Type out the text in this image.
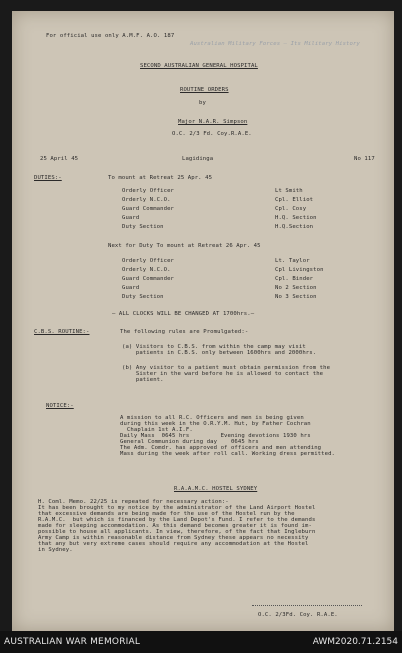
For official use only A.M.F. A.O. 187
Australian Military Forces — Its Military History
SECOND AUSTRALIAN GENERAL HOSPITAL
ROUTINE ORDERS
by
Major N.A.R. Simpson
O.C. 2/3 Fd. Coy.R.A.E.
25 April 45	Lagidinga	No 117
DUTIES:-	To mount at Retreat 25 Apr. 45
Orderly Officer	Lt Smith
Orderly N.C.O.	Cpl. Elliot
Guard Commander	Cpl. Cosy
Guard	H.Q. Section
Duty Section	H.Q.Section
Next for Duty To mount at Retreat 26 Apr. 45
Orderly Officer	Lt. Taylor
Orderly N.C.O.	Cpl Livingston
Guard Commander	Cpl. Binder
Guard	No 2 Section
Duty Section	No 3 Section
— ALL CLOCKS WILL BE CHANGED AT 1700hrs.—
C.B.S. ROUTINE:-	The following rules are Promulgated:-
(a) Visitors to C.B.S. from within the camp may visit
patients in C.B.S. only between 1600hrs and 2000hrs.
(b) Any visitor to a patient must obtain permission from the
Sister in the ward before he is allowed to contact the
patient.
NOTICE:-
A mission to all R.C. Officers and men is being given
during this week in the O.R.Y.M. Hut, by Father Cochran
Chaplain 1st A.I.F.
Daily Mass  0645 hrs         Evening devotions 1930 hrs
General Communion during day    0645 hrs
The Adm. Comdr. has approved of officers and men attending
Mass during the week after roll call. Working dress permitted.
R.A.A.M.C. HOSTEL SYDNEY
H. Coml. Memo. 22/25 is repeated for necessary action:-
It has been brought to my notice by the administrator of the Land Airport Hostel
that excessive demands are being made for the use of the Hostel run by the
R.A.M.C.  but which is financed by the Land Depot's Fund. I refer to the demands
made for sleeping accommodation. As this demand becomes greater it is found im-
possible to house all applicants. In view, therefore, of the fact that Ingleburn
Army Camp is within reasonable distance from Sydney these appears no necessity
that any but very extreme cases should require any accommodation at the Hostel
in Sydney.
O.C. 2/3Fd. Coy. R.A.E.
AUSTRALIAN WAR MEMORIAL	AWM2020.71.2154
